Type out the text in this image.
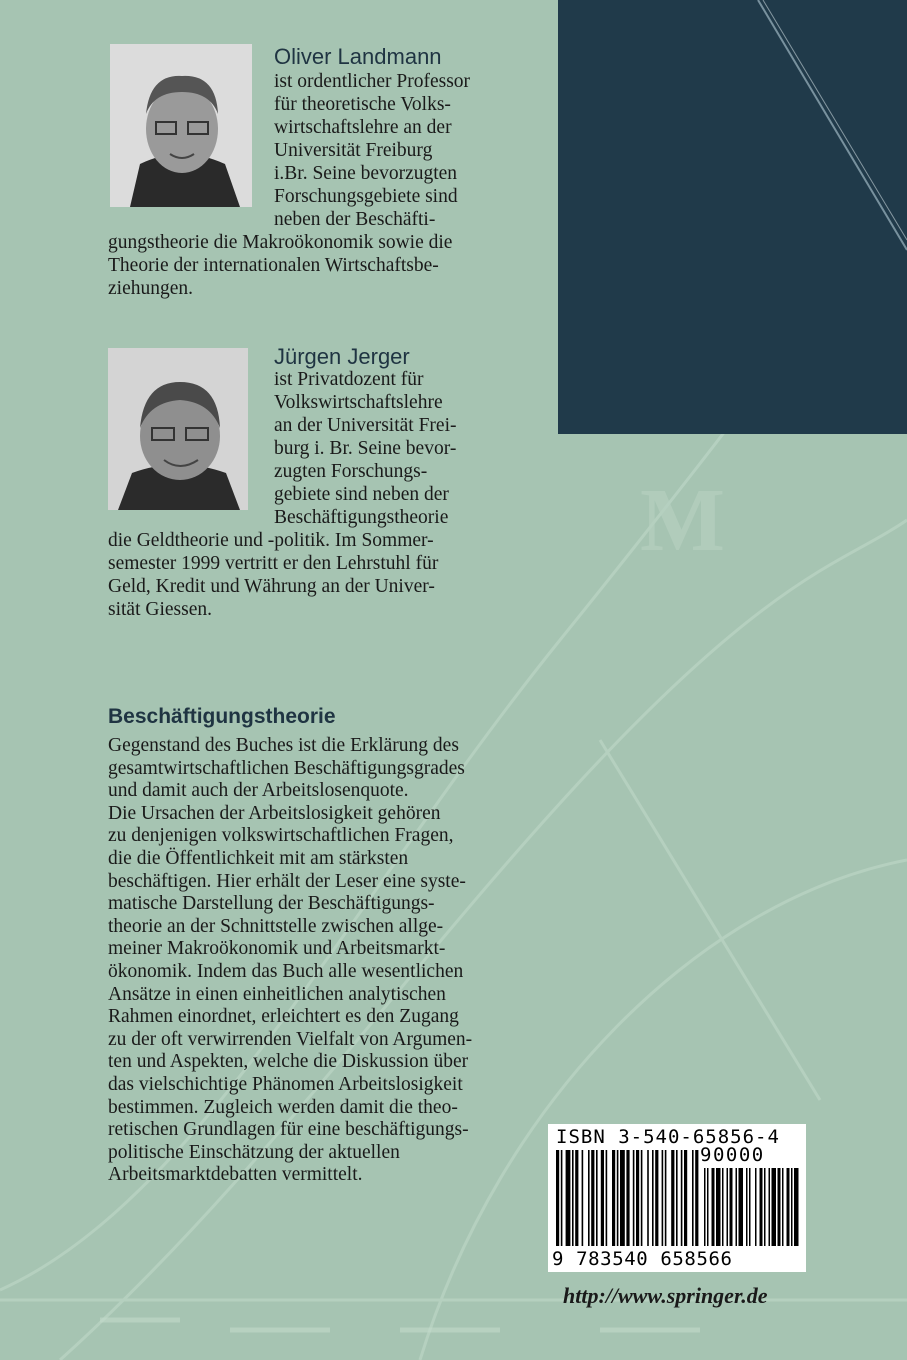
M
Oliver Landmann
ist ordentlicher Professor
für theoretische Volks-
wirtschaftslehre an der
Universität Freiburg
i.Br. Seine bevorzugten
Forschungsgebiete sind
neben der Beschäfti-
gungstheorie die Makroökonomik sowie die
Theorie der internationalen Wirtschaftsbe-
ziehungen.
Jürgen Jerger
ist Privatdozent für
Volkswirtschaftslehre
an der Universität Frei-
burg i. Br. Seine bevor-
zugten Forschungs-
gebiete sind neben der
Beschäftigungstheorie
die Geldtheorie und -politik. Im Sommer-
semester 1999 vertritt er den Lehrstuhl für
Geld, Kredit und Währung an der Univer-
sität Giessen.
Beschäftigungstheorie
Gegenstand des Buches ist die Erklärung des
gesamtwirtschaftlichen Beschäftigungsgrades
und damit auch der Arbeitslosenquote.
Die Ursachen der Arbeitslosigkeit gehören
zu denjenigen volkswirtschaftlichen Fragen,
die die Öffentlichkeit mit am stärksten
beschäftigen. Hier erhält der Leser eine syste-
matische Darstellung der Beschäftigungs-
theorie an der Schnittstelle zwischen allge-
meiner Makroökonomik und Arbeitsmarkt-
ökonomik. Indem das Buch alle wesentlichen
Ansätze in einen einheitlichen analytischen
Rahmen einordnet, erleichtert es den Zugang
zu der oft verwirrenden Vielfalt von Argumen-
ten und Aspekten, welche die Diskussion über
das vielschichtige Phänomen Arbeitslosigkeit
bestimmen. Zugleich werden damit die theo-
retischen Grundlagen für eine beschäftigungs-
politische Einschätzung der aktuellen
Arbeitsmarktdebatten vermittelt.
ISBN 3-540-65856-4
90000
9 783540 658566
http://www.springer.de
